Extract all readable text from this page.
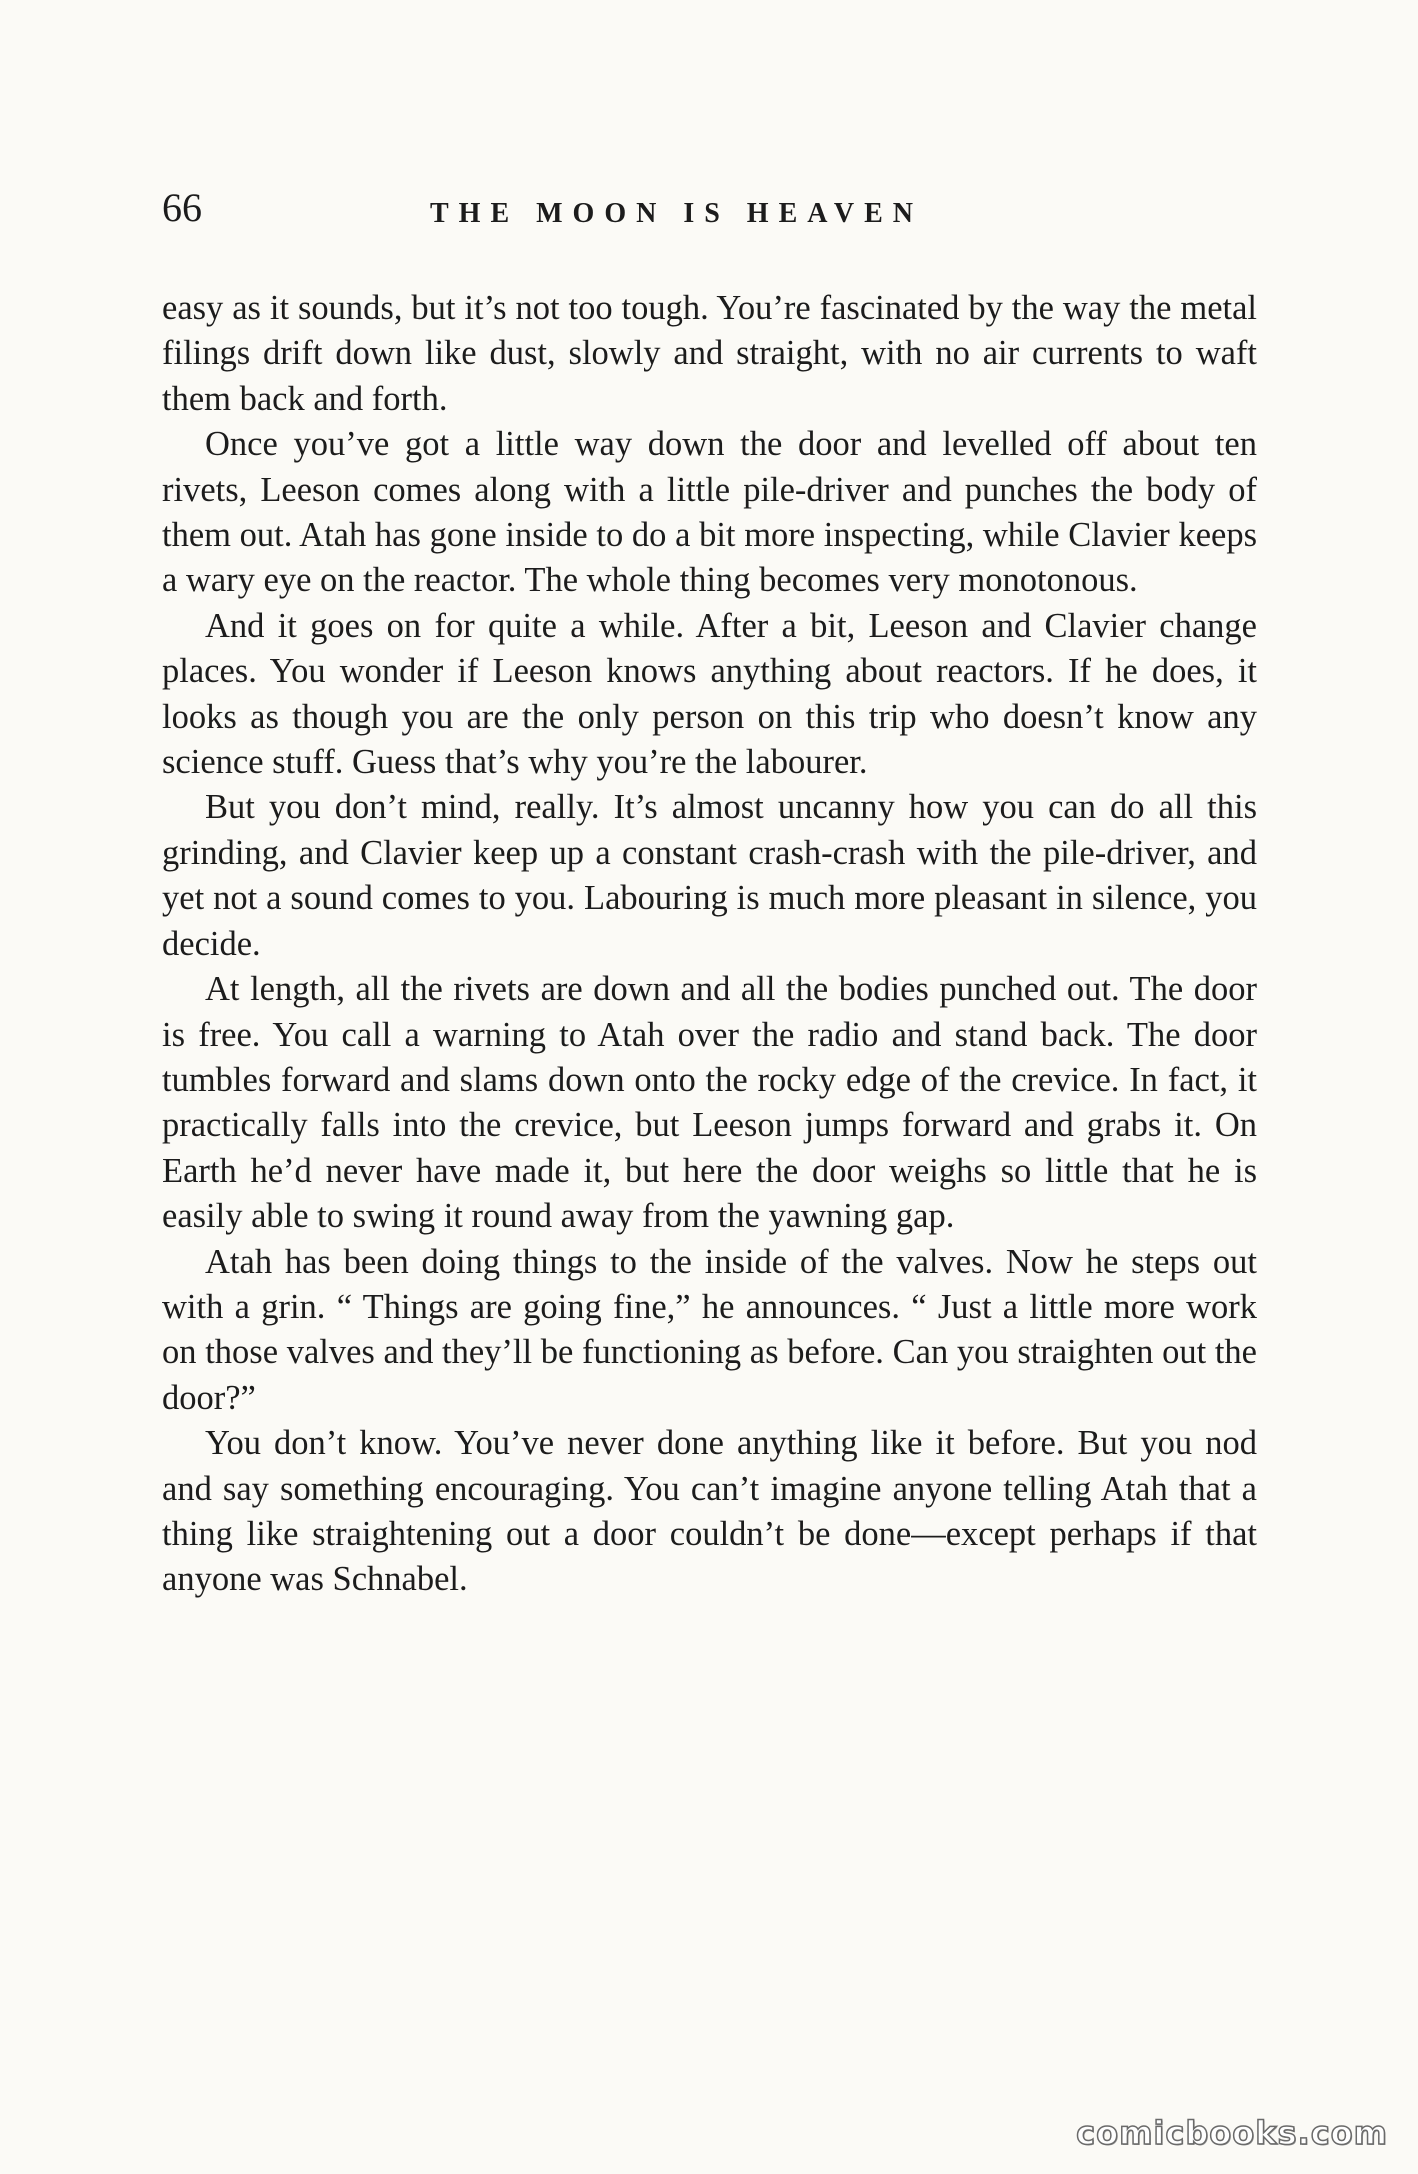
66	THE MOON IS HEAVEN

easy as it sounds, but it’s not too tough. You’re fascinated by the way the metal filings drift down like dust, slowly and straight, with no air currents to waft them back and forth.

Once you’ve got a little way down the door and levelled off about ten rivets, Leeson comes along with a little pile-driver and punches the body of them out. Atah has gone inside to do a bit more inspecting, while Clavier keeps a wary eye on the reactor. The whole thing becomes very monotonous.

And it goes on for quite a while. After a bit, Leeson and Clavier change places. You wonder if Leeson knows anything about reactors. If he does, it looks as though you are the only person on this trip who doesn’t know any science stuff. Guess that’s why you’re the labourer.

But you don’t mind, really. It’s almost uncanny how you can do all this grinding, and Clavier keep up a constant crash-crash with the pile-driver, and yet not a sound comes to you. Labouring is much more pleasant in silence, you decide.

At length, all the rivets are down and all the bodies punched out. The door is free. You call a warning to Atah over the radio and stand back. The door tumbles forward and slams down onto the rocky edge of the crevice. In fact, it practically falls into the crevice, but Leeson jumps forward and grabs it. On Earth he’d never have made it, but here the door weighs so little that he is easily able to swing it round away from the yawning gap.

Atah has been doing things to the inside of the valves. Now he steps out with a grin. “ Things are going fine,” he announces. “ Just a little more work on those valves and they’ll be functioning as before. Can you straighten out the door?”

You don’t know. You’ve never done anything like it before. But you nod and say something encouraging. You can’t imagine anyone telling Atah that a thing like straightening out a door couldn’t be done—except perhaps if that anyone was Schnabel.

comicbooks.com
